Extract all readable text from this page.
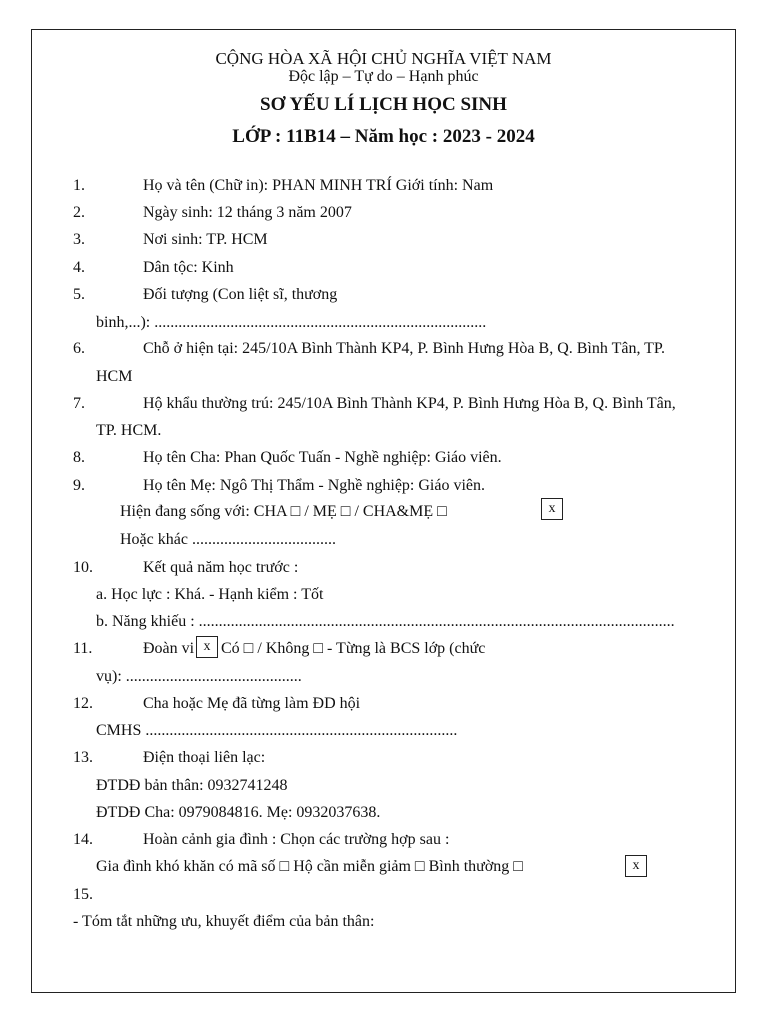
CỘNG HÒA XÃ HỘI CHỦ NGHĨA VIỆT NAM
Độc lập – Tự do – Hạnh phúc
SƠ YẾU LÍ LỊCH HỌC SINH
LỚP : 11B14 – Năm học : 2023 - 2024
1.	Họ và tên (Chữ in): PHAN MINH TRÍ Giới tính: Nam
2.	Ngày sinh: 12 tháng 3 năm 2007
3.	Nơi sinh: TP. HCM
4.	Dân tộc: Kinh
5.	Đối tượng (Con liệt sĩ, thương
binh,...): ...................................................................................
6.	Chỗ ở hiện tại: 245/10A Bình Thành KP4, P. Bình Hưng Hòa B, Q. Bình Tân, TP.
HCM
7.	Hộ khẩu thường trú: 245/10A Bình Thành KP4, P. Bình Hưng Hòa B, Q. Bình Tân,
TP. HCM.
8.	Họ tên Cha: Phan Quốc Tuấn - Nghề nghiệp: Giáo viên.
9.	Họ tên Mẹ: Ngô Thị Thẩm - Nghề nghiệp: Giáo viên.
Hiện đang sống với: CHA □ / MẸ □ / CHA&MẸ □	x
Hoặc khác ....................................
10.	Kết quả năm học trước :
a. Học lực : Khá. - Hạnh kiểm : Tốt
b. Năng khiếu : .......................................................................................................................
11.	Đoàn vi x Có □ / Không □ - Từng là BCS lớp (chức
vụ): ............................................
12.	Cha hoặc Mẹ đã từng làm ĐD hội
CMHS ..............................................................................
13.	Điện thoại liên lạc:
ĐTDĐ bản thân: 0932741248
ĐTDĐ Cha: 0979084816. Mẹ: 0932037638.
14.	Hoàn cảnh gia đình : Chọn các trường hợp sau :
Gia đình khó khăn có mã số □ Hộ cần miễn giảm □ Bình thường □	x
15.
- Tóm tắt những ưu, khuyết điểm của bản thân:
